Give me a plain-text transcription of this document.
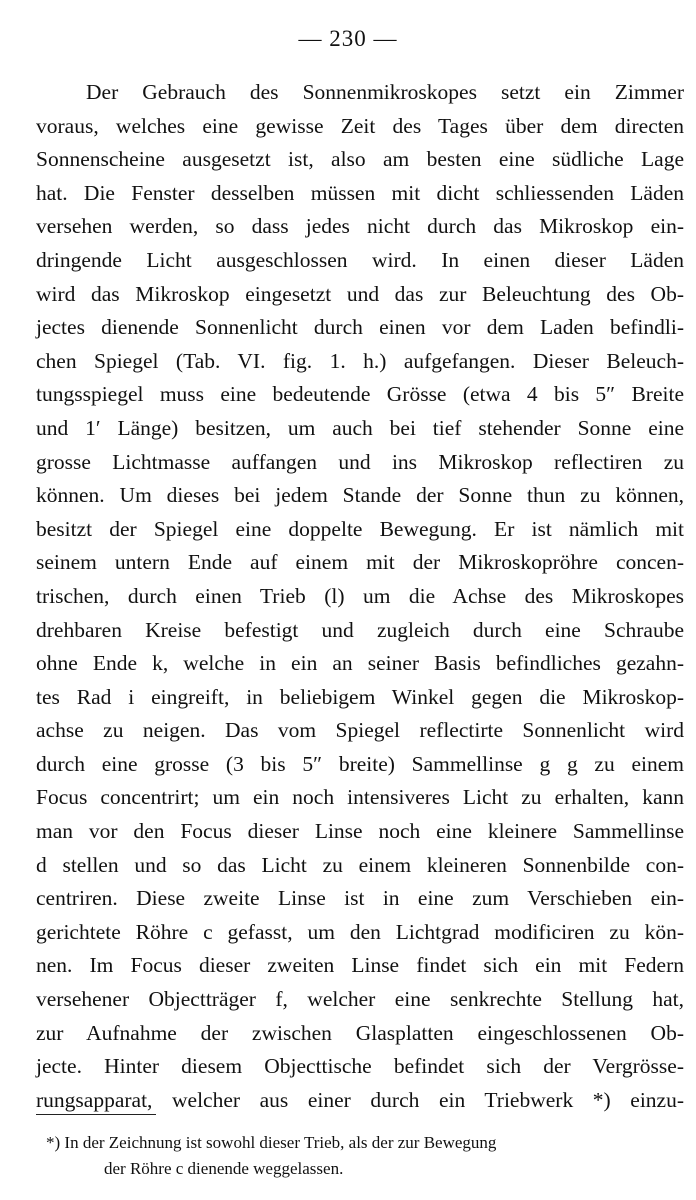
— 230 —
Der Gebrauch des Sonnenmikroskopes setzt ein Zimmer
voraus, welches eine gewisse Zeit des Tages über dem directen
Sonnenscheine ausgesetzt ist, also am besten eine südliche Lage
hat. Die Fenster desselben müssen mit dicht schliessenden Läden
versehen werden, so dass jedes nicht durch das Mikroskop ein-
dringende Licht ausgeschlossen wird. In einen dieser Läden
wird das Mikroskop eingesetzt und das zur Beleuchtung des Ob-
jectes dienende Sonnenlicht durch einen vor dem Laden befindli-
chen Spiegel (Tab. VI. fig. 1. h.) aufgefangen. Dieser Beleuch-
tungsspiegel muss eine bedeutende Grösse (etwa 4 bis 5″ Breite
und 1′ Länge) besitzen, um auch bei tief stehender Sonne eine
grosse Lichtmasse auffangen und ins Mikroskop reflectiren zu
können. Um dieses bei jedem Stande der Sonne thun zu können,
besitzt der Spiegel eine doppelte Bewegung. Er ist nämlich mit
seinem untern Ende auf einem mit der Mikroskopröhre concen-
trischen, durch einen Trieb (l) um die Achse des Mikroskopes
drehbaren Kreise befestigt und zugleich durch eine Schraube
ohne Ende k, welche in ein an seiner Basis befindliches gezahn-
tes Rad i eingreift, in beliebigem Winkel gegen die Mikroskop-
achse zu neigen. Das vom Spiegel reflectirte Sonnenlicht wird
durch eine grosse (3 bis 5″ breite) Sammellinse g g zu einem
Focus concentrirt; um ein noch intensiveres Licht zu erhalten, kann
man vor den Focus dieser Linse noch eine kleinere Sammellinse
d stellen und so das Licht zu einem kleineren Sonnenbilde con-
centriren. Diese zweite Linse ist in eine zum Verschieben ein-
gerichtete Röhre c gefasst, um den Lichtgrad modificiren zu kön-
nen. Im Focus dieser zweiten Linse findet sich ein mit Federn
versehener Objectträger f, welcher eine senkrechte Stellung hat,
zur Aufnahme der zwischen Glasplatten eingeschlossenen Ob-
jecte. Hinter diesem Objecttische befindet sich der Vergrösse-
rungsapparat, welcher aus einer durch ein Triebwerk *) einzu-
*) In der Zeichnung ist sowohl dieser Trieb, als der zur Bewegung
der Röhre c dienende weggelassen.
